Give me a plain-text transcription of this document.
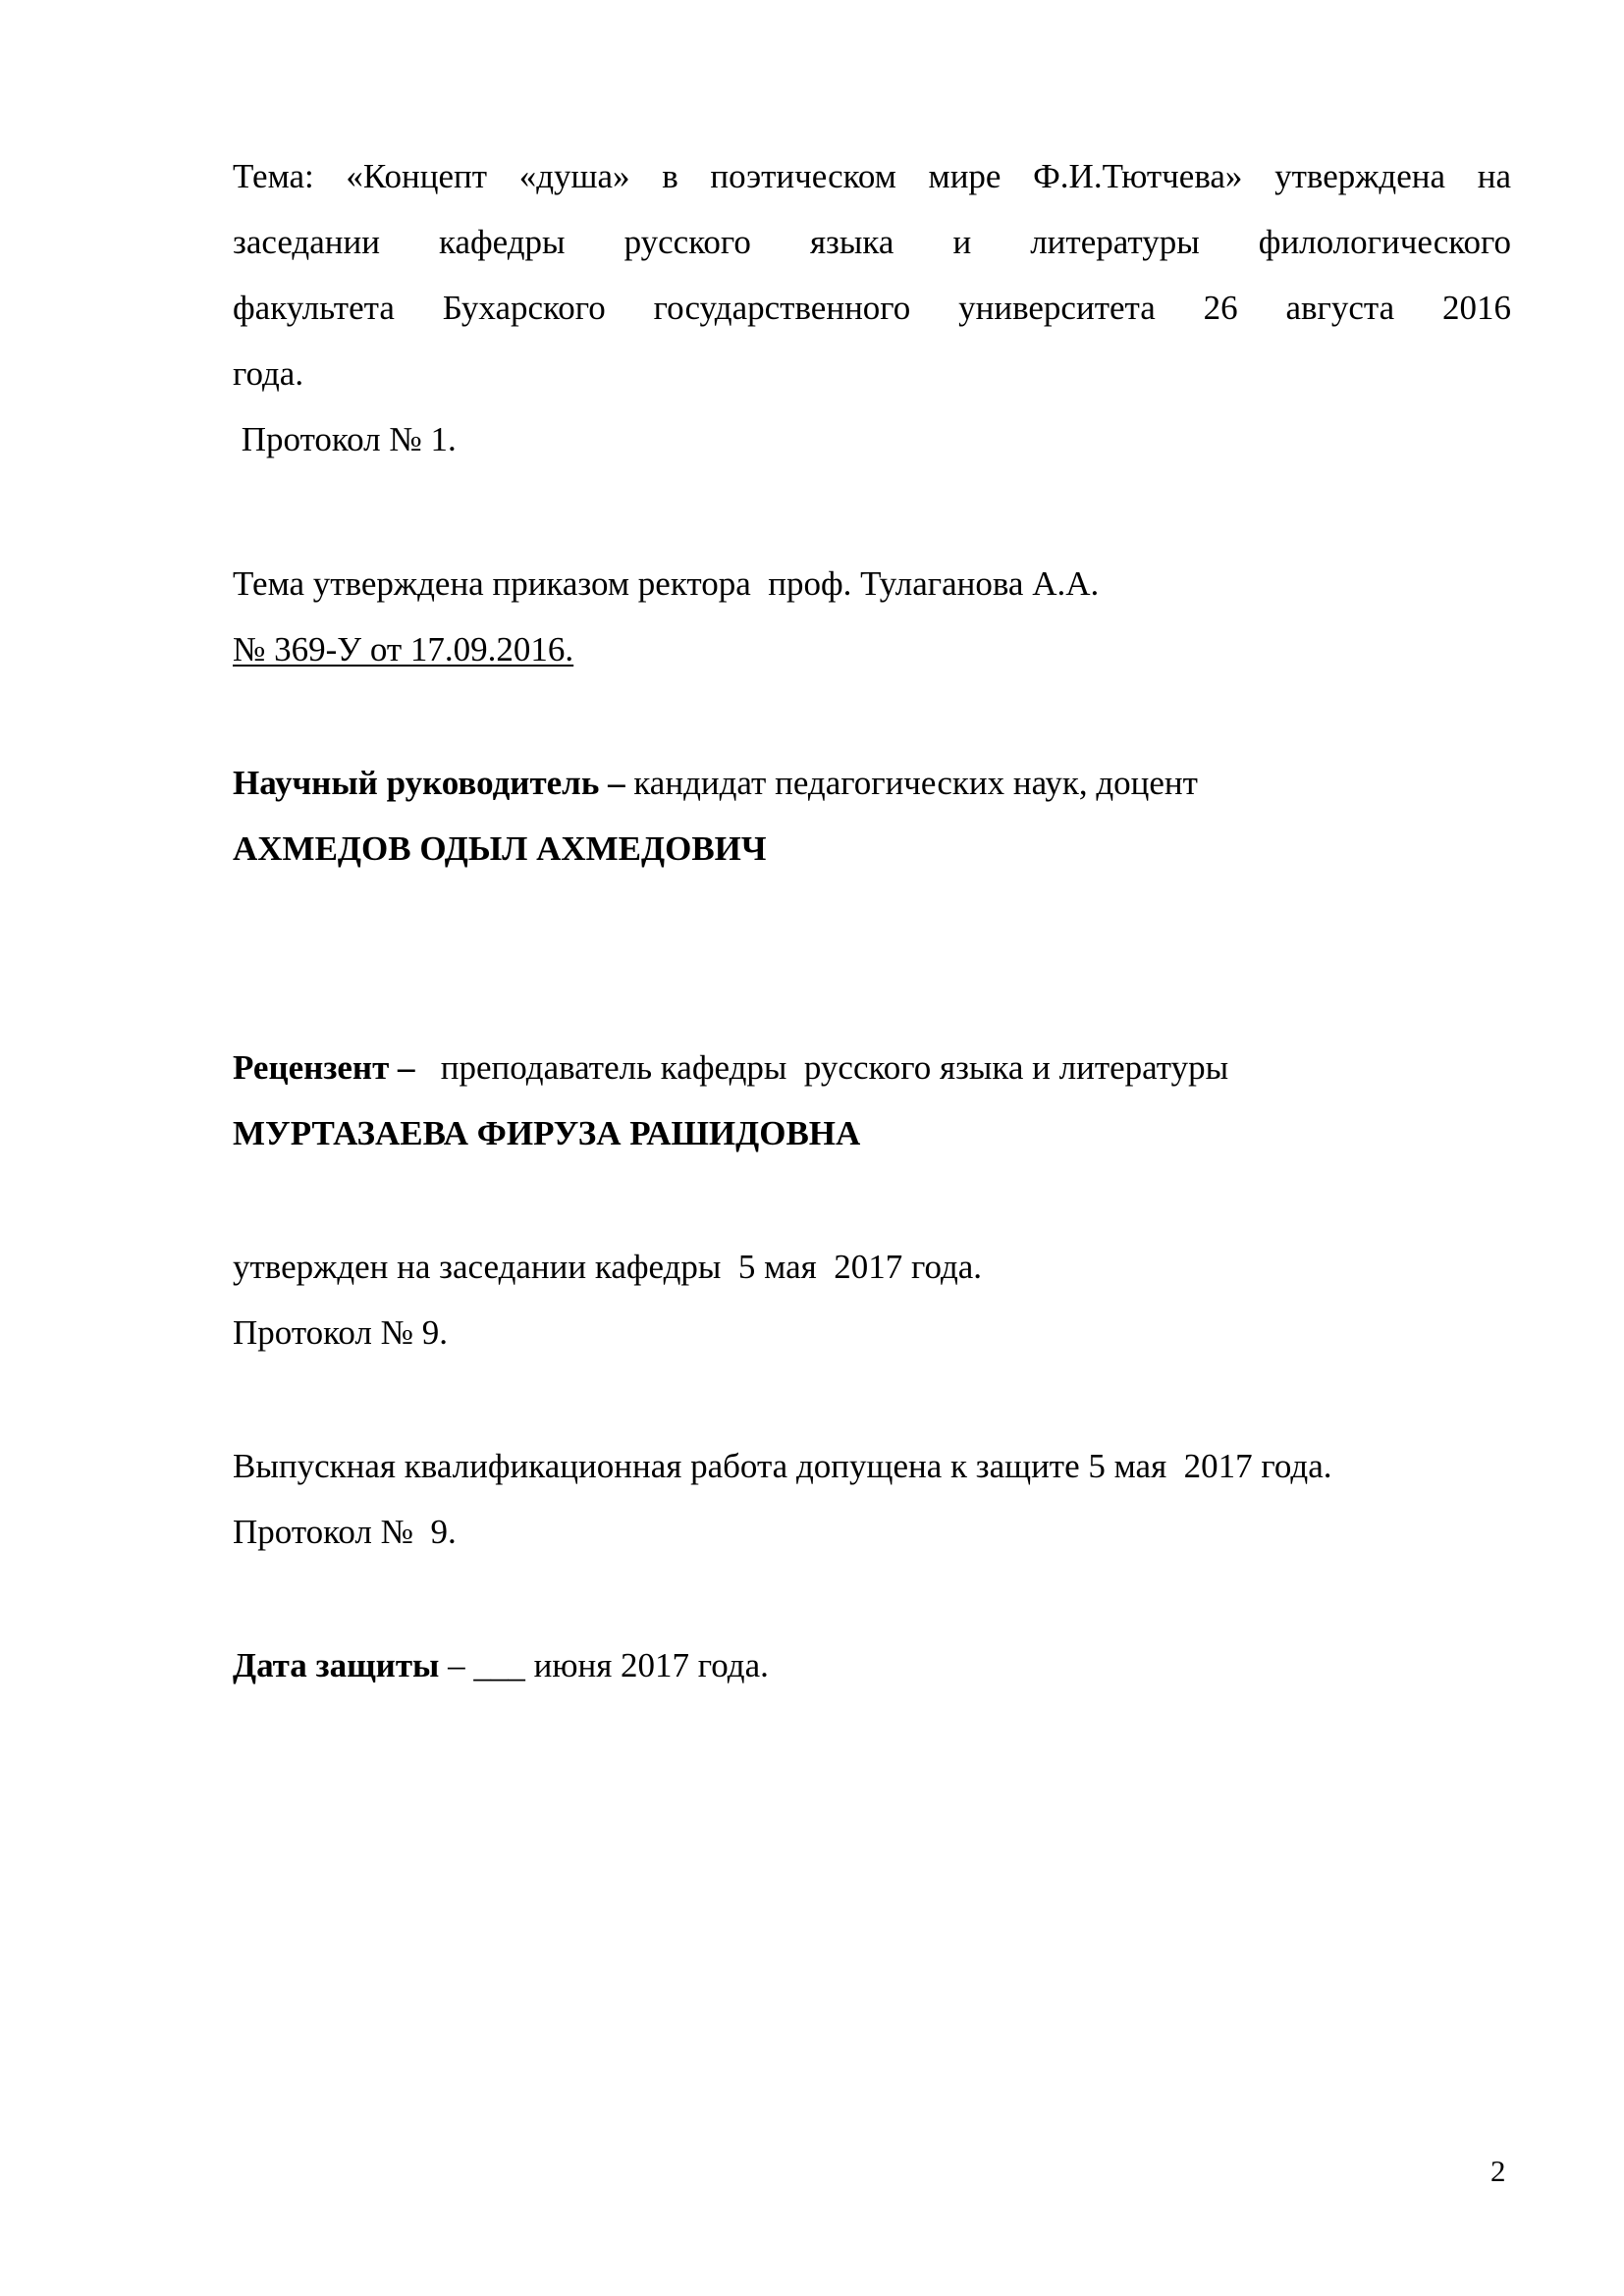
Тема: «Концепт «душа» в поэтическом мире Ф.И.Тютчева» утверждена на
заседании кафедры русского языка и литературы филологического
факультета Бухарского государственного университета 26 августа 2016
года.
Протокол № 1.
Тема утверждена приказом ректора  проф. Тулаганова А.А.
№ 369-У от 17.09.2016.
Научный руководитель – кандидат педагогических наук, доцент
АХМЕДОВ ОДЫЛ АХМЕДОВИЧ
Рецензент –   преподаватель кафедры  русского языка и литературы
МУРТАЗАЕВА ФИРУЗА РАШИДОВНА
утвержден на заседании кафедры  5 мая  2017 года.
Протокол № 9.
Выпускная квалификационная работа допущена к защите 5 мая  2017 года.
Протокол №  9.
Дата защиты – ___ июня 2017 года.
2
